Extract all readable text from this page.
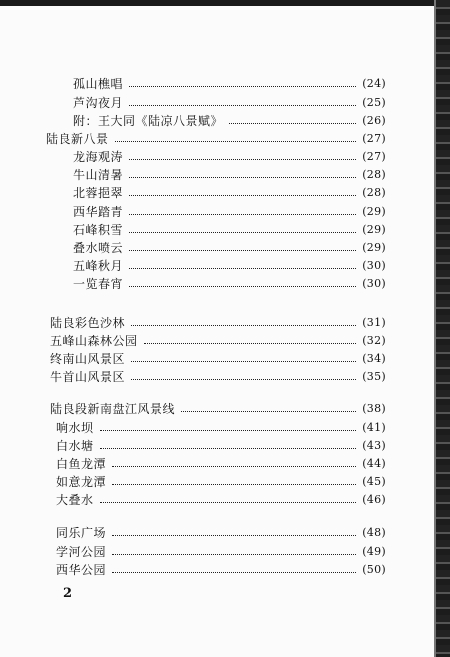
孤山樵唱	(24)
芦沟夜月	(25)
附：王大同《陆凉八景赋》	(26)
陆良新八景	(27)
龙海观涛	(27)
牛山清暑	(28)
北蓉挹翠	(28)
西华踏青	(29)
石峰积雪	(29)
叠水喷云	(29)
五峰秋月	(30)
一览春宵	(30)
陆良彩色沙林	(31)
五峰山森林公园	(32)
终南山风景区	(34)
牛首山风景区	(35)
陆良段新南盘江风景线	(38)
响水坝	(41)
白水塘	(43)
白鱼龙潭	(44)
如意龙潭	(45)
大叠水	(46)
同乐广场	(48)
学河公园	(49)
西华公园	(50)
2
